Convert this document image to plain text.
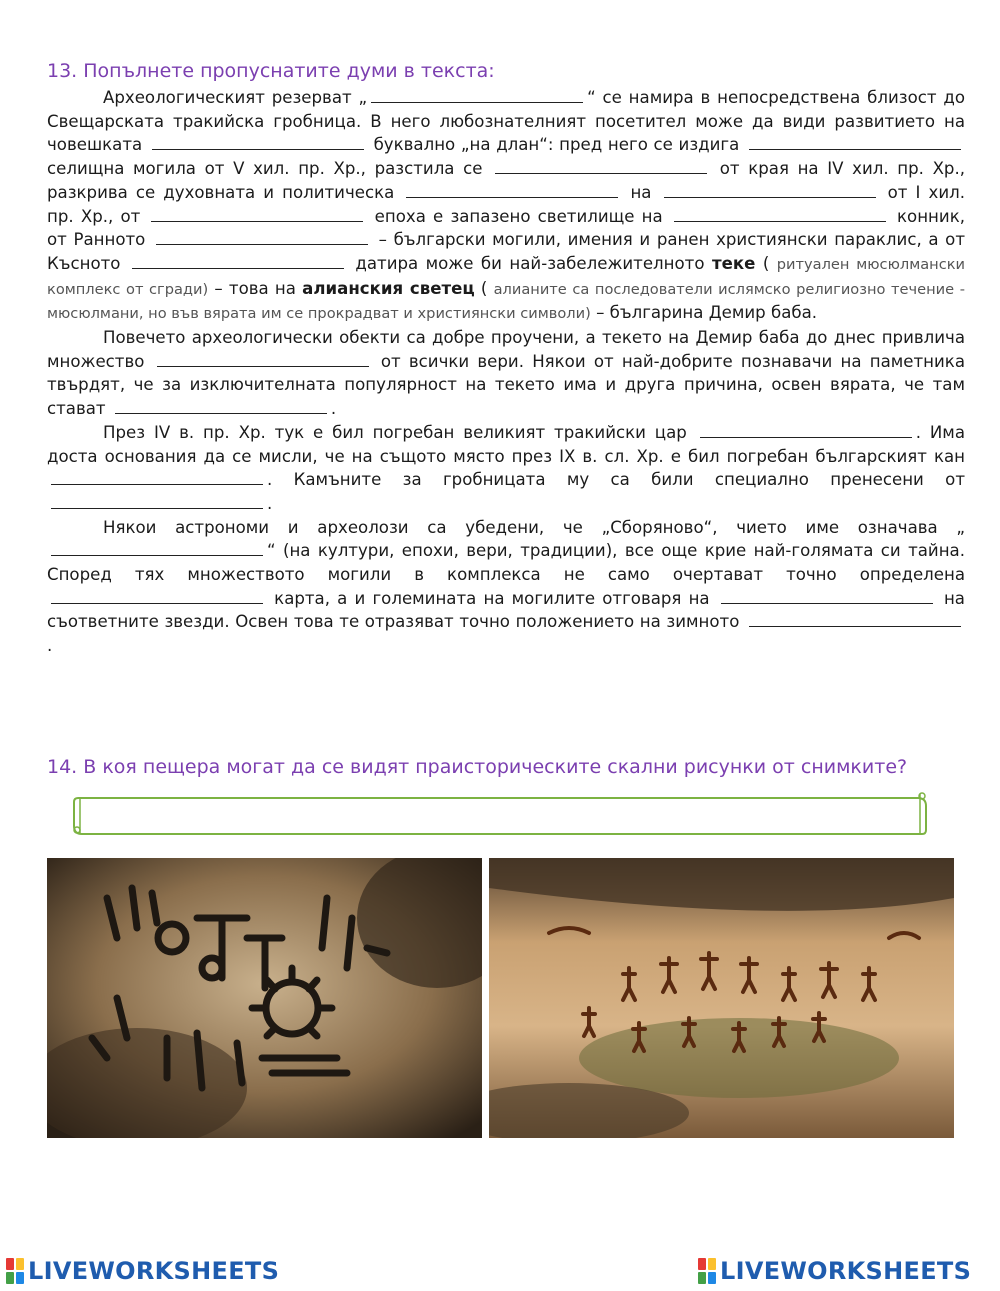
13. Попълнете пропуснатите думи в текста:

Археологическият резерват „	“ се намира в непосредствена близост до Свещарската тракийска гробница. В него любознателният посетител може да види развитието на човешката	буквално „на длан“: пред него се издига  селищна могила от V хил. пр. Хр., разстила се	от края на IV хил. пр. Хр., разкрива се духовната и политическа	на	от I хил. пр. Хр., от	епоха е запазено светилище на	конник, от Ранното	– български могили, имения и ранен християнски параклис, а от Късното	датира може би най-забележителното теке ( ритуален мюсюлмански комплекс от сгради) – това на алианския светец ( алианите са последователи ислямско религиозно течение - мюсюлмани, но във вярата им се прокрадват и християнски символи) – българина Демир баба.

Повечето археологически обекти са добре проучени, а текето на Демир баба до днес привлича множество	от всички вери. Някои от най-добрите познавачи на паметника твърдят, че за изключителната популярност на текето има и друга причина, освен вярата, че там стават	.

През IV в. пр. Хр. тук е бил погребан великият тракийски цар	. Има доста основания да се мисли, че на същото място през IX в. сл. Хр. е бил погребан българският кан . Камъните за гробницата му са били специално пренесени от .

Някои астрономи и археолози са убедени, че „Сборяново“, чието име означава „“ (на култури, епохи, вери, традиции), все още крие най-голямата си тайна. Според тях множеството могили в комплекса не само очертават точно определена  карта, а и големината на могилите отговаря на	на съответните звезди. Освен това те отразяват точно положението на зимното .

14. В коя пещера могат да се видят праисторическите скални рисунки от снимките?
LIVEWORKSHEETS	LIVEWORKSHEETS
